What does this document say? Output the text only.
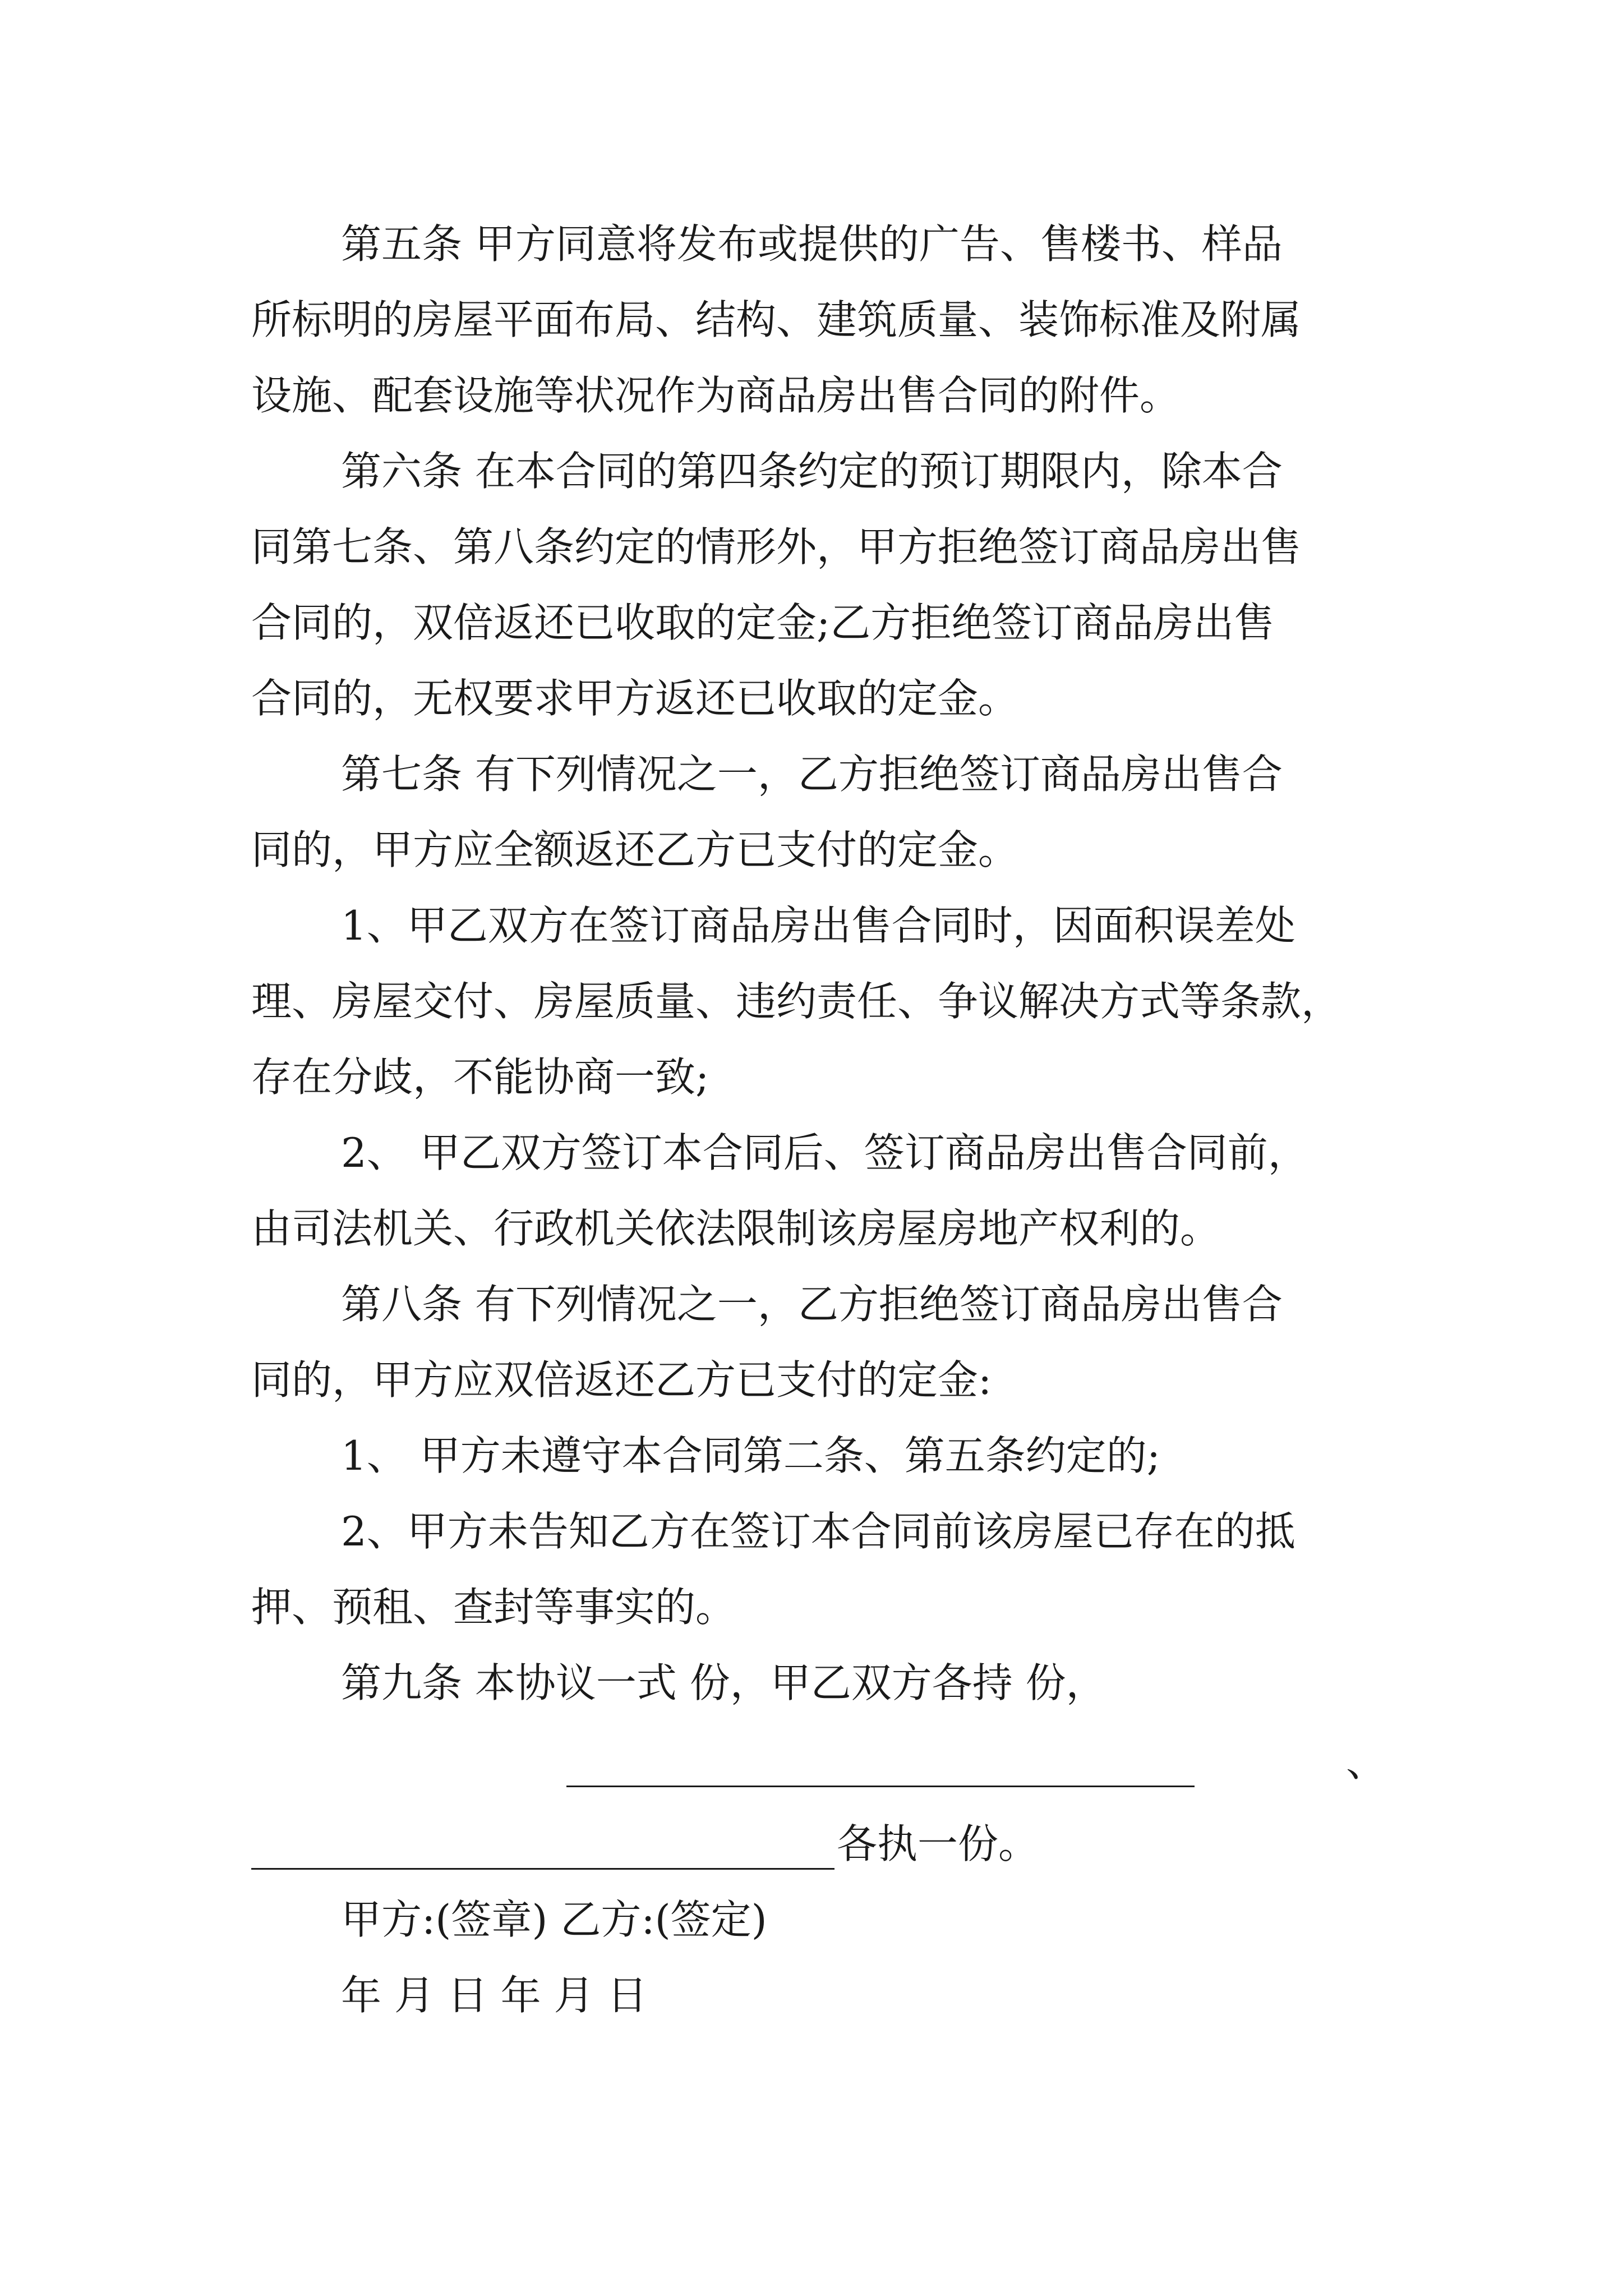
第五条 甲方同意将发布或提供的广告、售楼书、样品
所标明的房屋平面布局、结构、建筑质量、装饰标准及附属
设施、配套设施等状况作为商品房出售合同的附件。
第六条 在本合同的第四条约定的预订期限内，除本合
同第七条、第八条约定的情形外，甲方拒绝签订商品房出售
合同的，双倍返还已收取的定金;乙方拒绝签订商品房出售
合同的，无权要求甲方返还已收取的定金。
第七条 有下列情况之一，乙方拒绝签订商品房出售合
同的，甲方应全额返还乙方已支付的定金。
1、甲乙双方在签订商品房出售合同时，因面积误差处
理、房屋交付、房屋质量、违约责任、争议解决方式等条款，
存在分歧，不能协商一致;
2、 甲乙双方签订本合同后、签订商品房出售合同前，
由司法机关、行政机关依法限制该房屋房地产权利的。
第八条 有下列情况之一，乙方拒绝签订商品房出售合
同的，甲方应双倍返还乙方已支付的定金:
1、 甲方未遵守本合同第二条、第五条约定的;
2、甲方未告知乙方在签订本合同前该房屋已存在的抵
押、预租、查封等事实的。
第九条 本协议一式 份，甲乙双方各持 份，
、
各执一份。
甲方:(签章) 乙方:(签定)
年 月 日 年 月 日
